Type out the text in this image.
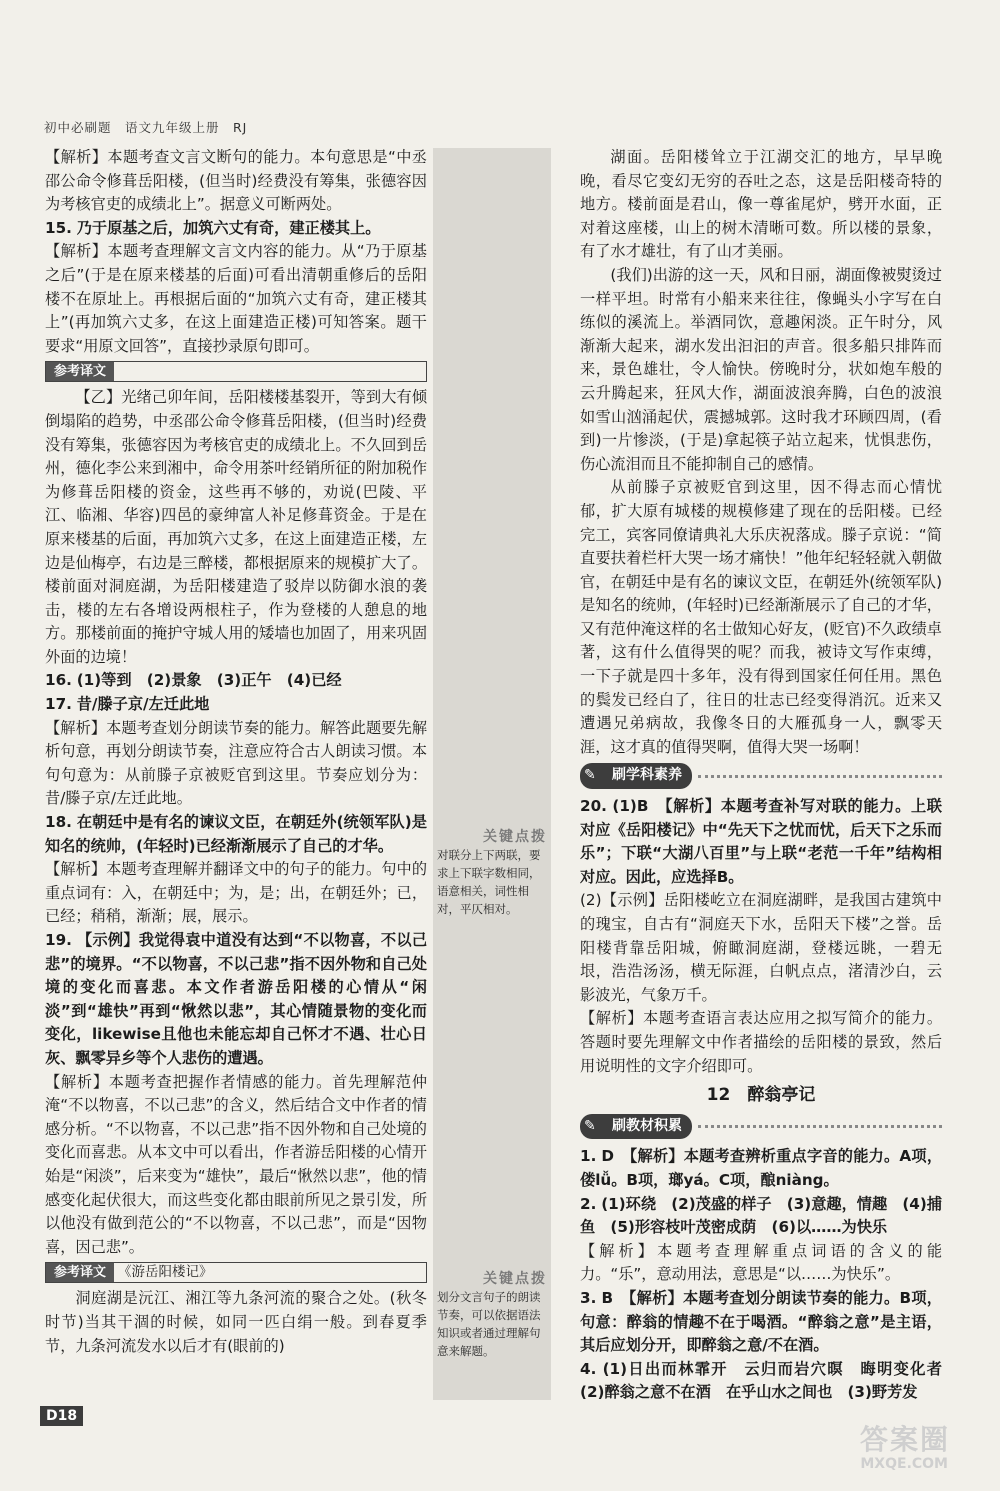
初中必刷题　语文九年级上册　RJ
关键点拨
对联分上下两联，要求上下联字数相同，语意相关，词性相对，平仄相对。
关键点拨
划分文言句子的朗读节奏，可以依据语法知识或者通过理解句意来解题。

【解析】本题考查文言文断句的能力。本句意思是“中丞邵公命令修葺岳阳楼，(但当时)经费没有筹集，张德容因为考核官吏的成绩北上”。据意义可断两处。

15. 乃于原基之后，加筑六丈有奇，建正楼其上。

【解析】本题考查理解文言文内容的能力。从“乃于原基之后”(于是在原来楼基的后面)可看出清朝重修后的岳阳楼不在原址上。再根据后面的“加筑六丈有奇，建正楼其上”(再加筑六丈多，在这上面建造正楼)可知答案。题干要求“用原文回答”，直接抄录原句即可。

参考译文

【乙】光绪己卯年间，岳阳楼楼基裂开，等到大有倾倒塌陷的趋势，中丞邵公命令修葺岳阳楼，(但当时)经费没有筹集，张德容因为考核官吏的成绩北上。不久回到岳州，德化李公来到湘中，命令用茶叶经销所征的附加税作为修葺岳阳楼的资金，这些再不够的，劝说(巴陵、平江、临湘、华容)四邑的豪绅富人补足修葺资金。于是在原来楼基的后面，再加筑六丈多，在这上面建造正楼，左边是仙梅亭，右边是三醉楼，都根据原来的规模扩大了。楼前面对洞庭湖，为岳阳楼建造了驳岸以防御水浪的袭击，楼的左右各增设两根柱子，作为登楼的人憩息的地方。那楼前面的掩护守城人用的矮墙也加固了，用来巩固外面的边境！

16. (1)等到　(2)景象　(3)正午　(4)已经

17. 昔/滕子京/左迁此地

【解析】本题考查划分朗读节奏的能力。解答此题要先解析句意，再划分朗读节奏，注意应符合古人朗读习惯。本句句意为：从前滕子京被贬官到这里。节奏应划分为：昔/滕子京/左迁此地。

18. 在朝廷中是有名的谏议文臣，在朝廷外(统领军队)是知名的统帅，(年轻时)已经渐渐展示了自己的才华。

【解析】本题考查理解并翻译文中的句子的能力。句中的重点词有：入，在朝廷中；为，是；出，在朝廷外；已，已经；稍稍，渐渐；展，展示。

19. 【示例】我觉得袁中道没有达到“不以物喜，不以己悲”的境界。“不以物喜，不以己悲”指不因外物和自己处境的变化而喜悲。本文作者游岳阳楼的心情从“闲淡”到“雄快”再到“愀然以悲”，其心情随景物的变化而变化，likewise且他也未能忘却自己怀才不遇、壮心日灰、飘零异乡等个人悲伤的遭遇。

【解析】本题考查把握作者情感的能力。首先理解范仲淹“不以物喜，不以己悲”的含义，然后结合文中作者的情感分析。“不以物喜，不以己悲”指不因外物和自己处境的变化而喜悲。从本文中可以看出，作者游岳阳楼的心情开始是“闲淡”，后来变为“雄快”，最后“愀然以悲”，他的情感变化起伏很大，而这些变化都由眼前所见之景引发，所以他没有做到范公的“不以物喜，不以己悲”，而是“因物喜，因己悲”。

参考译文 《游岳阳楼记》

洞庭湖是沅江、湘江等九条河流的聚合之处。(秋冬时节)当其干涸的时候，如同一匹白绢一般。到春夏季节，九条河流发水以后才有(眼前的)

湖面。岳阳楼耸立于江湖交汇的地方，早早晚晚，看尽它变幻无穷的吞吐之态，这是岳阳楼奇特的地方。楼前面是君山，像一尊雀尾炉，劈开水面，正对着这座楼，山上的树木清晰可数。所以楼的景象，有了水才雄壮，有了山才美丽。

(我们)出游的这一天，风和日丽，湖面像被熨烫过一样平坦。时常有小船来来往往，像蝇头小字写在白练似的溪流上。举酒同饮，意趣闲淡。正午时分，风渐渐大起来，湖水发出汩汩的声音。很多船只排阵而来，景色雄壮，令人愉快。傍晚时分，状如炮车般的云升腾起来，狂风大作，湖面波浪奔腾，白色的波浪如雪山汹涌起伏，震撼城郭。这时我才环顾四周，(看到)一片惨淡，(于是)拿起筷子站立起来，忧惧悲伤，伤心流泪而且不能抑制自己的感情。

从前滕子京被贬官到这里，因不得志而心情忧郁，扩大原有城楼的规模修建了现在的岳阳楼。已经完工，宾客同僚请典礼大乐庆祝落成。滕子京说：“简直要扶着栏杆大哭一场才痛快！”他年纪轻轻就入朝做官，在朝廷中是有名的谏议文臣，在朝廷外(统领军队)是知名的统帅，(年轻时)已经渐渐展示了自己的才华，又有范仲淹这样的名士做知心好友，(贬官)不久政绩卓著，这有什么值得哭的呢？而我，被诗文写作束缚，一下子就是四十多年，没有得到国家任何任用。黑色的鬓发已经白了，往日的壮志已经变得消沉。近来又遭遇兄弟病故，我像冬日的大雁孤身一人，飘零天涯，这才真的值得哭啊，值得大哭一场啊！

✎ 刷学科素养

20. (1)B　【解析】本题考查补写对联的能力。上联对应《岳阳楼记》中“先天下之忧而忧，后天下之乐而乐”；下联“大湖八百里”与上联“老范一千年”结构相对应。因此，应选择B。

(2)【示例】岳阳楼屹立在洞庭湖畔，是我国古建筑中的瑰宝，自古有“洞庭天下水，岳阳天下楼”之誉。岳阳楼背靠岳阳城，俯瞰洞庭湖，登楼远眺，一碧无垠，浩浩汤汤，横无际涯，白帆点点，渚清沙白，云影波光，气象万千。

【解析】本题考查语言表达应用之拟写简介的能力。答题时要先理解文中作者描绘的岳阳楼的景致，然后用说明性的文字介绍即可。

12　醉翁亭记
✎ 刷教材积累

1. D　【解析】本题考查辨析重点字音的能力。A项，偻lǚ。B项，瑯yá。C项，酿niàng。

2. (1)环绕　(2)茂盛的样子　(3)意趣，情趣　(4)捕鱼　(5)形容枝叶茂密成荫　(6)以……为快乐

【解析】本题考查理解重点词语的含义的能力。“乐”，意动用法，意思是“以……为快乐”。

3. B　【解析】本题考查划分朗读节奏的能力。B项，句意：醉翁的情趣不在于喝酒。“醉翁之意”是主语，其后应划分开，即醉翁之意/不在酒。

4. (1)日出而林霏开　云归而岩穴暝　晦明变化者　(2)醉翁之意不在酒　在乎山水之间也　(3)野芳发

D18
答案圈
MXQE.COM
